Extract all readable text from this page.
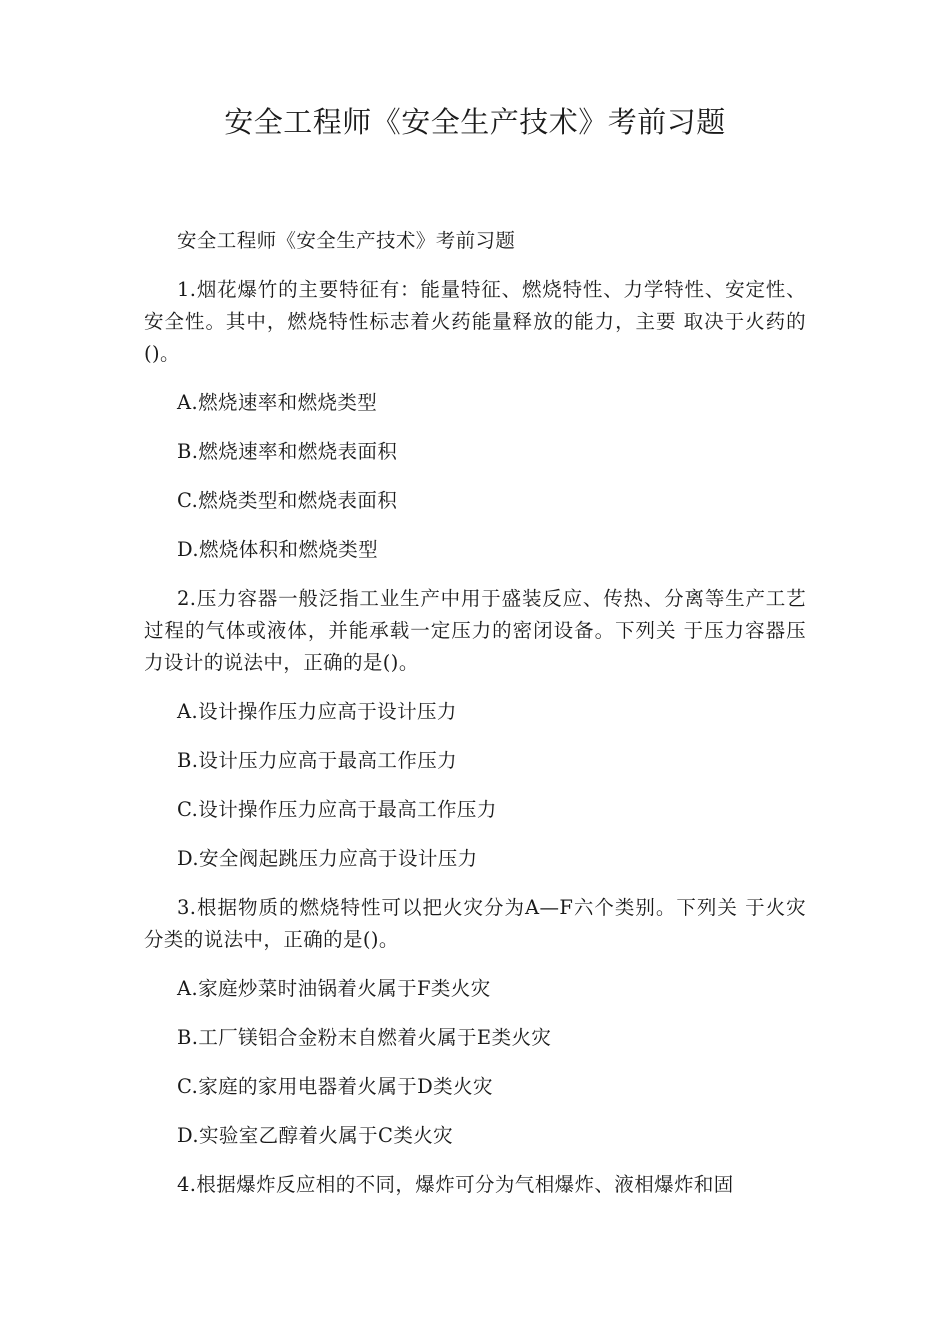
安全工程师《安全生产技术》考前习题

安全工程师《安全生产技术》考前习题

1.烟花爆竹的主要特征有：能量特征、燃烧特性、力学特性、安定性、安全性。其中，燃烧特性标志着火药能量释放的能力，主要 取决于火药的()。

A.燃烧速率和燃烧类型

B.燃烧速率和燃烧表面积

C.燃烧类型和燃烧表面积

D.燃烧体积和燃烧类型

2.压力容器一般泛指工业生产中用于盛装反应、传热、分离等生产工艺过程的气体或液体，并能承载一定压力的密闭设备。下列关 于压力容器压力设计的说法中，正确的是()。

A.设计操作压力应高于设计压力

B.设计压力应高于最高工作压力

C.设计操作压力应高于最高工作压力

D.安全阀起跳压力应高于设计压力

3.根据物质的燃烧特性可以把火灾分为A—F六个类别。下列关 于火灾分类的说法中，正确的是()。

A.家庭炒菜时油锅着火属于F类火灾

B.工厂镁铝合金粉末自燃着火属于E类火灾

C.家庭的家用电器着火属于D类火灾

D.实验室乙醇着火属于C类火灾

4.根据爆炸反应相的不同，爆炸可分为气相爆炸、液相爆炸和固
